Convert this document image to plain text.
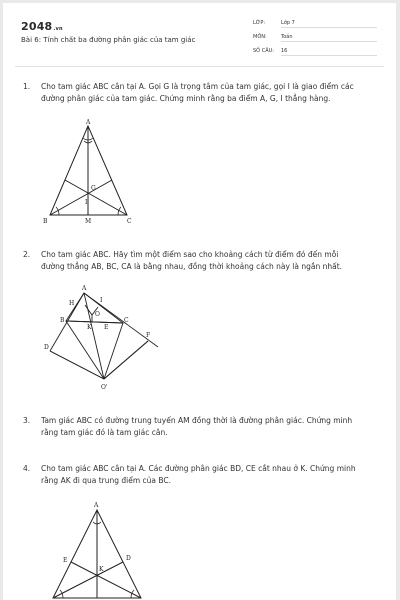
2048.vn
Bài 6: Tính chất ba đường phân giác của tam giác
LỚP:	Lớp 7
MÔN:	Toán
SỐ CÂU: 16
1. Cho tam giác ABC cân tại A. Gọi G là trọng tâm của tam giác, gọi I là giao điểm các đường phân giác của tam giác. Chứng minh rằng ba điểm A, G, I thẳng hàng.
A
G
I
B	M	C
2. Cho tam giác ABC. Hãy tìm một điểm sao cho khoảng cách từ điểm đó đến mỗi đường thẳng AB, BC, CA là bằng nhau, đồng thời khoảng cách này là ngắn nhất.
A
H	I
O
B
K E
C
D
F
O'
3. Tam giác ABC có đường trung tuyến AM đồng thời là đường phân giác. Chứng minh rằng tam giác đó là tam giác cân.
4. Cho tam giác ABC cân tại A. Các đường phân giác BD, CE cắt nhau ở K. Chứng minh rằng AK đi qua trung điểm của BC.
A
E	D
K
